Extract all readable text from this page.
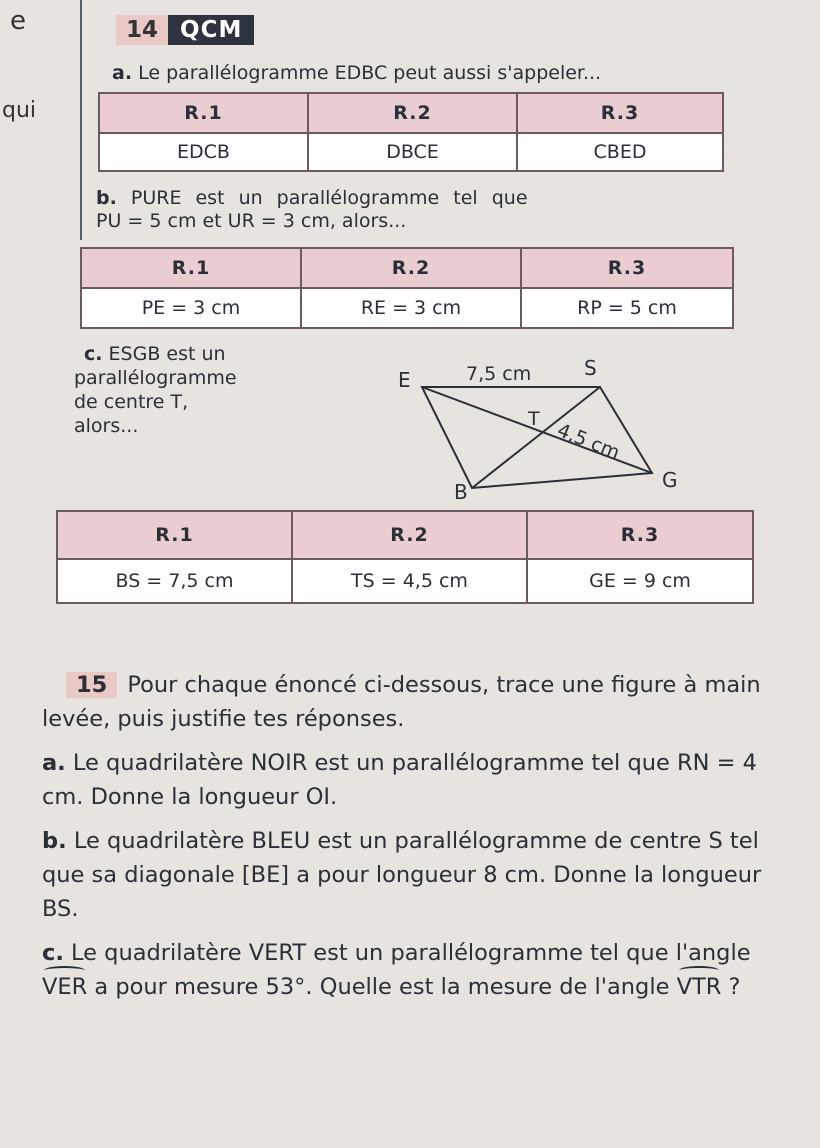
e
qui
14 QCM
a. Le parallélogramme EDBC peut aussi s'appeler...
R.1	R.2	R.3
EDCB	DBCE	CBED
b. PURE est un parallélogramme tel que
PU = 5 cm et UR = 3 cm, alors...
R.1	R.2	R.3
PE = 3 cm	RE = 3 cm	RP = 5 cm
c. ESGB est un
parallélogramme
de centre T,
alors...
E	S
G
B
T
7,5 cm
4,5 cm
R.1	R.2	R.3
BS = 7,5 cm	TS = 4,5 cm	GE = 9 cm
15 Pour chaque énoncé ci-dessous, trace une figure à main levée, puis justifie tes réponses.
a. Le quadrilatère NOIR est un parallélogramme tel que RN = 4 cm. Donne la longueur OI.
b. Le quadrilatère BLEU est un parallélogramme de centre S tel que sa diagonale [BE] a pour longueur 8 cm. Donne la longueur BS.
c. Le quadrilatère VERT est un parallélogramme tel que l'angle VER a pour mesure 53°. Quelle est la mesure de l'angle VTR ?
